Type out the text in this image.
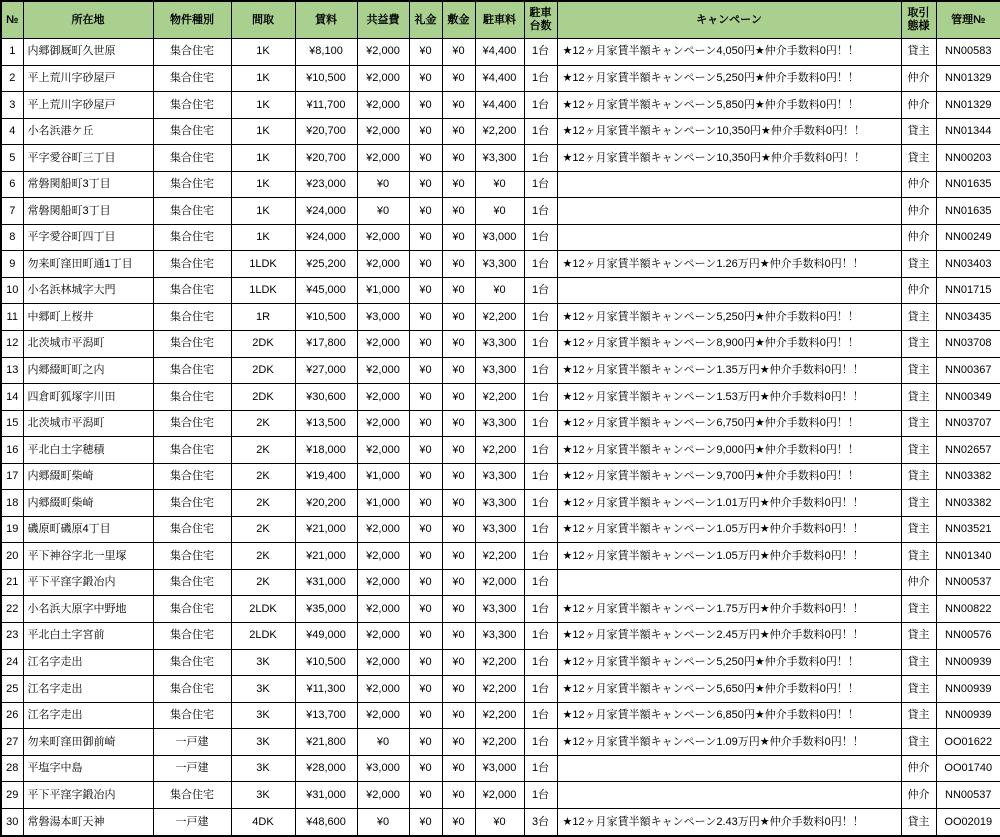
№	所在地	物件種別	間取	賃料	共益費	礼金	敷金	駐車料	駐車台数	キャンペーン	取引態様	管理№
1	内郷御厩町久世原	集合住宅	1K	¥8,100	¥2,000	¥0	¥0	¥4,400	1台	★12ヶ月家賃半額キャンペーン4,050円★仲介手数料0円！！	貸主	NN00583
2	平上荒川字砂屋戸	集合住宅	1K	¥10,500	¥2,000	¥0	¥0	¥4,400	1台	★12ヶ月家賃半額キャンペーン5,250円★仲介手数料0円！！	仲介	NN01329
3	平上荒川字砂屋戸	集合住宅	1K	¥11,700	¥2,000	¥0	¥0	¥4,400	1台	★12ヶ月家賃半額キャンペーン5,850円★仲介手数料0円！！	仲介	NN01329
4	小名浜港ケ丘	集合住宅	1K	¥20,700	¥2,000	¥0	¥0	¥2,200	1台	★12ヶ月家賃半額キャンペーン10,350円★仲介手数料0円！！	貸主	NN01344
5	平字愛谷町三丁目	集合住宅	1K	¥20,700	¥2,000	¥0	¥0	¥3,300	1台	★12ヶ月家賃半額キャンペーン10,350円★仲介手数料0円！！	貸主	NN00203
6	常磐関船町3丁目	集合住宅	1K	¥23,000	¥0	¥0	¥0	¥0	1台		仲介	NN01635
7	常磐関船町3丁目	集合住宅	1K	¥24,000	¥0	¥0	¥0	¥0	1台		仲介	NN01635
8	平字愛谷町四丁目	集合住宅	1K	¥24,000	¥2,000	¥0	¥0	¥3,000	1台		仲介	NN00249
9	勿来町窪田町通1丁目	集合住宅	1LDK	¥25,200	¥2,000	¥0	¥0	¥3,300	1台	★12ヶ月家賃半額キャンペーン1.26万円★仲介手数料0円！！	貸主	NN03403
10	小名浜林城字大門	集合住宅	1LDK	¥45,000	¥1,000	¥0	¥0	¥0	1台		仲介	NN01715
11	中郷町上桜井	集合住宅	1R	¥10,500	¥3,000	¥0	¥0	¥2,200	1台	★12ヶ月家賃半額キャンペーン5,250円★仲介手数料0円！！	貸主	NN03435
12	北茨城市平潟町	集合住宅	2DK	¥17,800	¥2,000	¥0	¥0	¥3,300	1台	★12ヶ月家賃半額キャンペーン8,900円★仲介手数料0円！！	貸主	NN03708
13	内郷綴町町之内	集合住宅	2DK	¥27,000	¥2,000	¥0	¥0	¥3,300	1台	★12ヶ月家賃半額キャンペーン1.35万円★仲介手数料0円！！	貸主	NN00367
14	四倉町狐塚字川田	集合住宅	2DK	¥30,600	¥2,000	¥0	¥0	¥2,200	1台	★12ヶ月家賃半額キャンペーン1.53万円★仲介手数料0円！！	貸主	NN00349
15	北茨城市平潟町	集合住宅	2K	¥13,500	¥2,000	¥0	¥0	¥3,300	1台	★12ヶ月家賃半額キャンペーン6,750円★仲介手数料0円！！	貸主	NN03707
16	平北白土字穂積	集合住宅	2K	¥18,000	¥2,000	¥0	¥0	¥2,200	1台	★12ヶ月家賃半額キャンペーン9,000円★仲介手数料0円！！	貸主	NN02657
17	内郷綴町柴崎	集合住宅	2K	¥19,400	¥1,000	¥0	¥0	¥3,300	1台	★12ヶ月家賃半額キャンペーン9,700円★仲介手数料0円！！	貸主	NN03382
18	内郷綴町柴崎	集合住宅	2K	¥20,200	¥1,000	¥0	¥0	¥3,300	1台	★12ヶ月家賃半額キャンペーン1.01万円★仲介手数料0円！！	貸主	NN03382
19	磯原町磯原4丁目	集合住宅	2K	¥21,000	¥2,000	¥0	¥0	¥3,300	1台	★12ヶ月家賃半額キャンペーン1.05万円★仲介手数料0円！！	貸主	NN03521
20	平下神谷字北一里塚	集合住宅	2K	¥21,000	¥2,000	¥0	¥0	¥2,200	1台	★12ヶ月家賃半額キャンペーン1.05万円★仲介手数料0円！！	貸主	NN01340
21	平下平窪字鍛冶内	集合住宅	2K	¥31,000	¥2,000	¥0	¥0	¥2,000	1台		仲介	NN00537
22	小名浜大原字中野地	集合住宅	2LDK	¥35,000	¥2,000	¥0	¥0	¥3,300	1台	★12ヶ月家賃半額キャンペーン1.75万円★仲介手数料0円！！	貸主	NN00822
23	平北白土字宮前	集合住宅	2LDK	¥49,000	¥2,000	¥0	¥0	¥3,300	1台	★12ヶ月家賃半額キャンペーン2.45万円★仲介手数料0円！！	貸主	NN00576
24	江名字走出	集合住宅	3K	¥10,500	¥2,000	¥0	¥0	¥2,200	1台	★12ヶ月家賃半額キャンペーン5,250円★仲介手数料0円！！	貸主	NN00939
25	江名字走出	集合住宅	3K	¥11,300	¥2,000	¥0	¥0	¥2,200	1台	★12ヶ月家賃半額キャンペーン5,650円★仲介手数料0円！！	貸主	NN00939
26	江名字走出	集合住宅	3K	¥13,700	¥2,000	¥0	¥0	¥2,200	1台	★12ヶ月家賃半額キャンペーン6,850円★仲介手数料0円！！	貸主	NN00939
27	勿来町窪田御前崎	一戸建	3K	¥21,800	¥0	¥0	¥0	¥2,200	1台	★12ヶ月家賃半額キャンペーン1.09万円★仲介手数料0円！！	貸主	OO01622
28	平塩字中島	一戸建	3K	¥28,000	¥3,000	¥0	¥0	¥3,000	1台		仲介	OO01740
29	平下平窪字鍛冶内	集合住宅	3K	¥31,000	¥2,000	¥0	¥0	¥2,000	1台		仲介	NN00537
30	常磐湯本町天神	一戸建	4DK	¥48,600	¥0	¥0	¥0	¥0	3台	★12ヶ月家賃半額キャンペーン2.43万円★仲介手数料0円！！	貸主	OO02019
